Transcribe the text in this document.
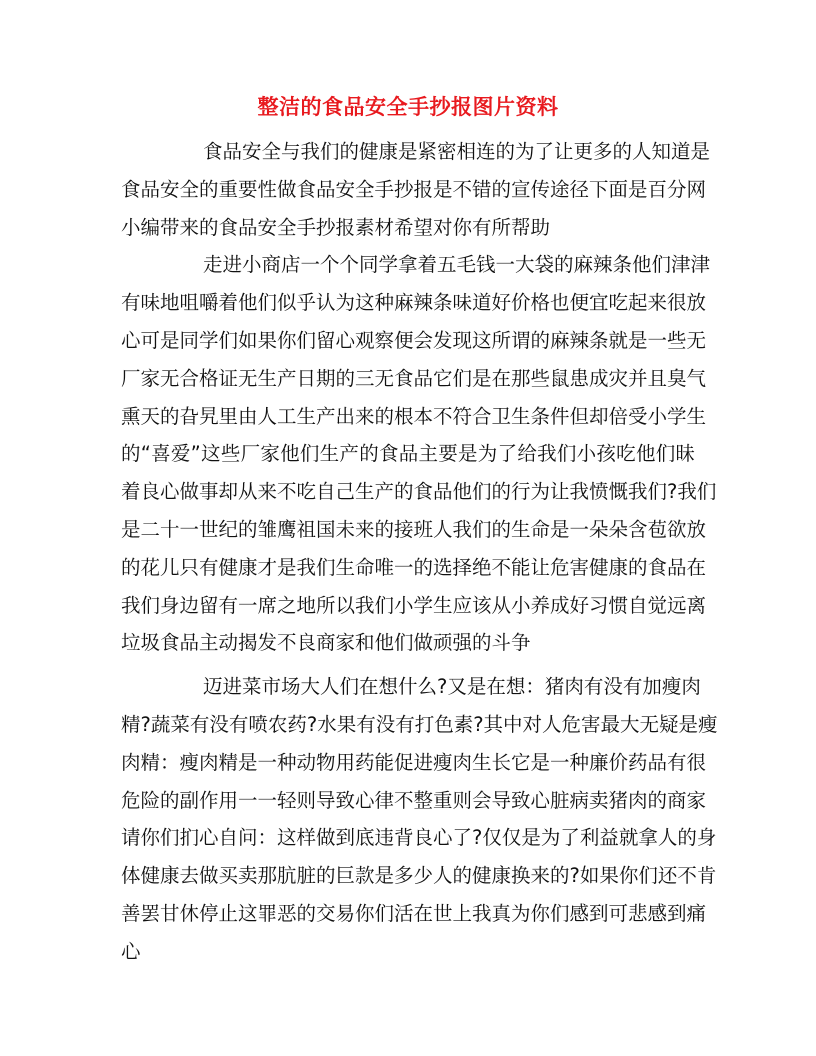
整洁的食品安全手抄报图片资料
食品安全与我们的健康是紧密相连的为了让更多的人知道是
食品安全的重要性做食品安全手抄报是不错的宣传途径下面是百分网
小编带来的食品安全手抄报素材希望对你有所帮助
走进小商店一个个同学拿着五毛钱一大袋的麻辣条他们津津
有味地咀嚼着他们似乎认为这种麻辣条味道好价格也便宜吃起来很放
心可是同学们如果你们留心观察便会发现这所谓的麻辣条就是一些无
厂家无合格证无生产日期的三无食品它们是在那些鼠患成灾并且臭气
熏天的旮旯里由人工生产出来的根本不符合卫生条件但却倍受小学生
的“喜爱”这些厂家他们生产的食品主要是为了给我们小孩吃他们昧
着良心做事却从来不吃自己生产的食品他们的行为让我愤慨我们?我们
是二十一世纪的雏鹰祖国未来的接班人我们的生命是一朵朵含苞欲放
的花儿只有健康才是我们生命唯一的选择绝不能让危害健康的食品在
我们身边留有一席之地所以我们小学生应该从小养成好习惯自觉远离
垃圾食品主动揭发不良商家和他们做顽强的斗争
迈进菜市场大人们在想什么?又是在想：猪肉有没有加瘦肉
精?蔬菜有没有喷农药?水果有没有打色素?其中对人危害最大无疑是瘦
肉精：瘦肉精是一种动物用药能促进瘦肉生长它是一种廉价药品有很
危险的副作用一一轻则导致心律不整重则会导致心脏病卖猪肉的商家
请你们扪心自问：这样做到底违背良心了?仅仅是为了利益就拿人的身
体健康去做买卖那肮脏的巨款是多少人的健康换来的?如果你们还不肯
善罢甘休停止这罪恶的交易你们活在世上我真为你们感到可悲感到痛
心
